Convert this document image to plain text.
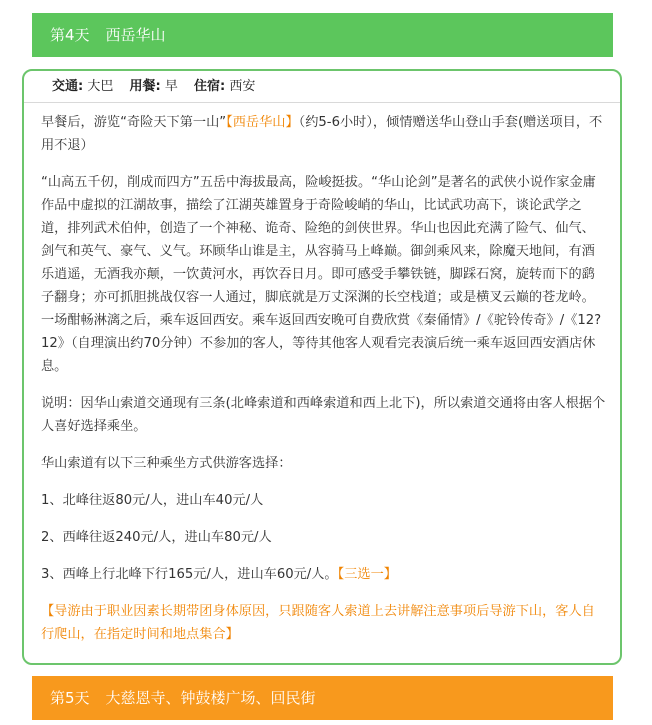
第4天 西岳华山
交通: 大巴 用餐: 早 住宿: 西安

早餐后，游览“奇险天下第一山”【西岳华山】（约5-6小时），倾情赠送华山登山手套(赠送项目，不用不退）

“山高五千仞，削成而四方”五岳中海拔最高，险峻挺拔。“华山论剑”是著名的武侠小说作家金庸作品中虚拟的江湖故事，描绘了江湖英雄置身于奇险峻峭的华山，比试武功高下，谈论武学之道，排列武术伯仲，创造了一个神秘、诡奇、险绝的剑侠世界。华山也因此充满了险气、仙气、剑气和英气、豪气、义气。环顾华山谁是主，从容骑马上峰巅。御剑乘风来，除魔天地间，有酒乐逍遥，无酒我亦颠，一饮黄河水，再饮吞日月。即可感受手攀铁链，脚踩石窝，旋转而下的鹞子翻身；亦可抓胆挑战仅容一人通过，脚底就是万丈深渊的长空栈道；或是横叉云巅的苍龙岭。一场酣畅淋漓之后，乘车返回西安。乘车返回西安晚可自费欣赏《秦俑情》/《驼铃传奇》/《12?12》（自理演出约70分钟）不参加的客人，等待其他客人观看完表演后统一乘车返回西安酒店休息。

说明：因华山索道交通现有三条(北峰索道和西峰索道和西上北下)，所以索道交通将由客人根据个人喜好选择乘坐。

华山索道有以下三种乘坐方式供游客选择：

1、北峰往返80元/人，进山车40元/人

2、西峰往返240元/人，进山车80元/人

3、西峰上行北峰下行165元/人，进山车60元/人。【三选一】

【导游由于职业因素长期带团身体原因，只跟随客人索道上去讲解注意事项后导游下山，客人自行爬山，在指定时间和地点集合】

第5天 大慈恩寺、钟鼓楼广场、回民街
